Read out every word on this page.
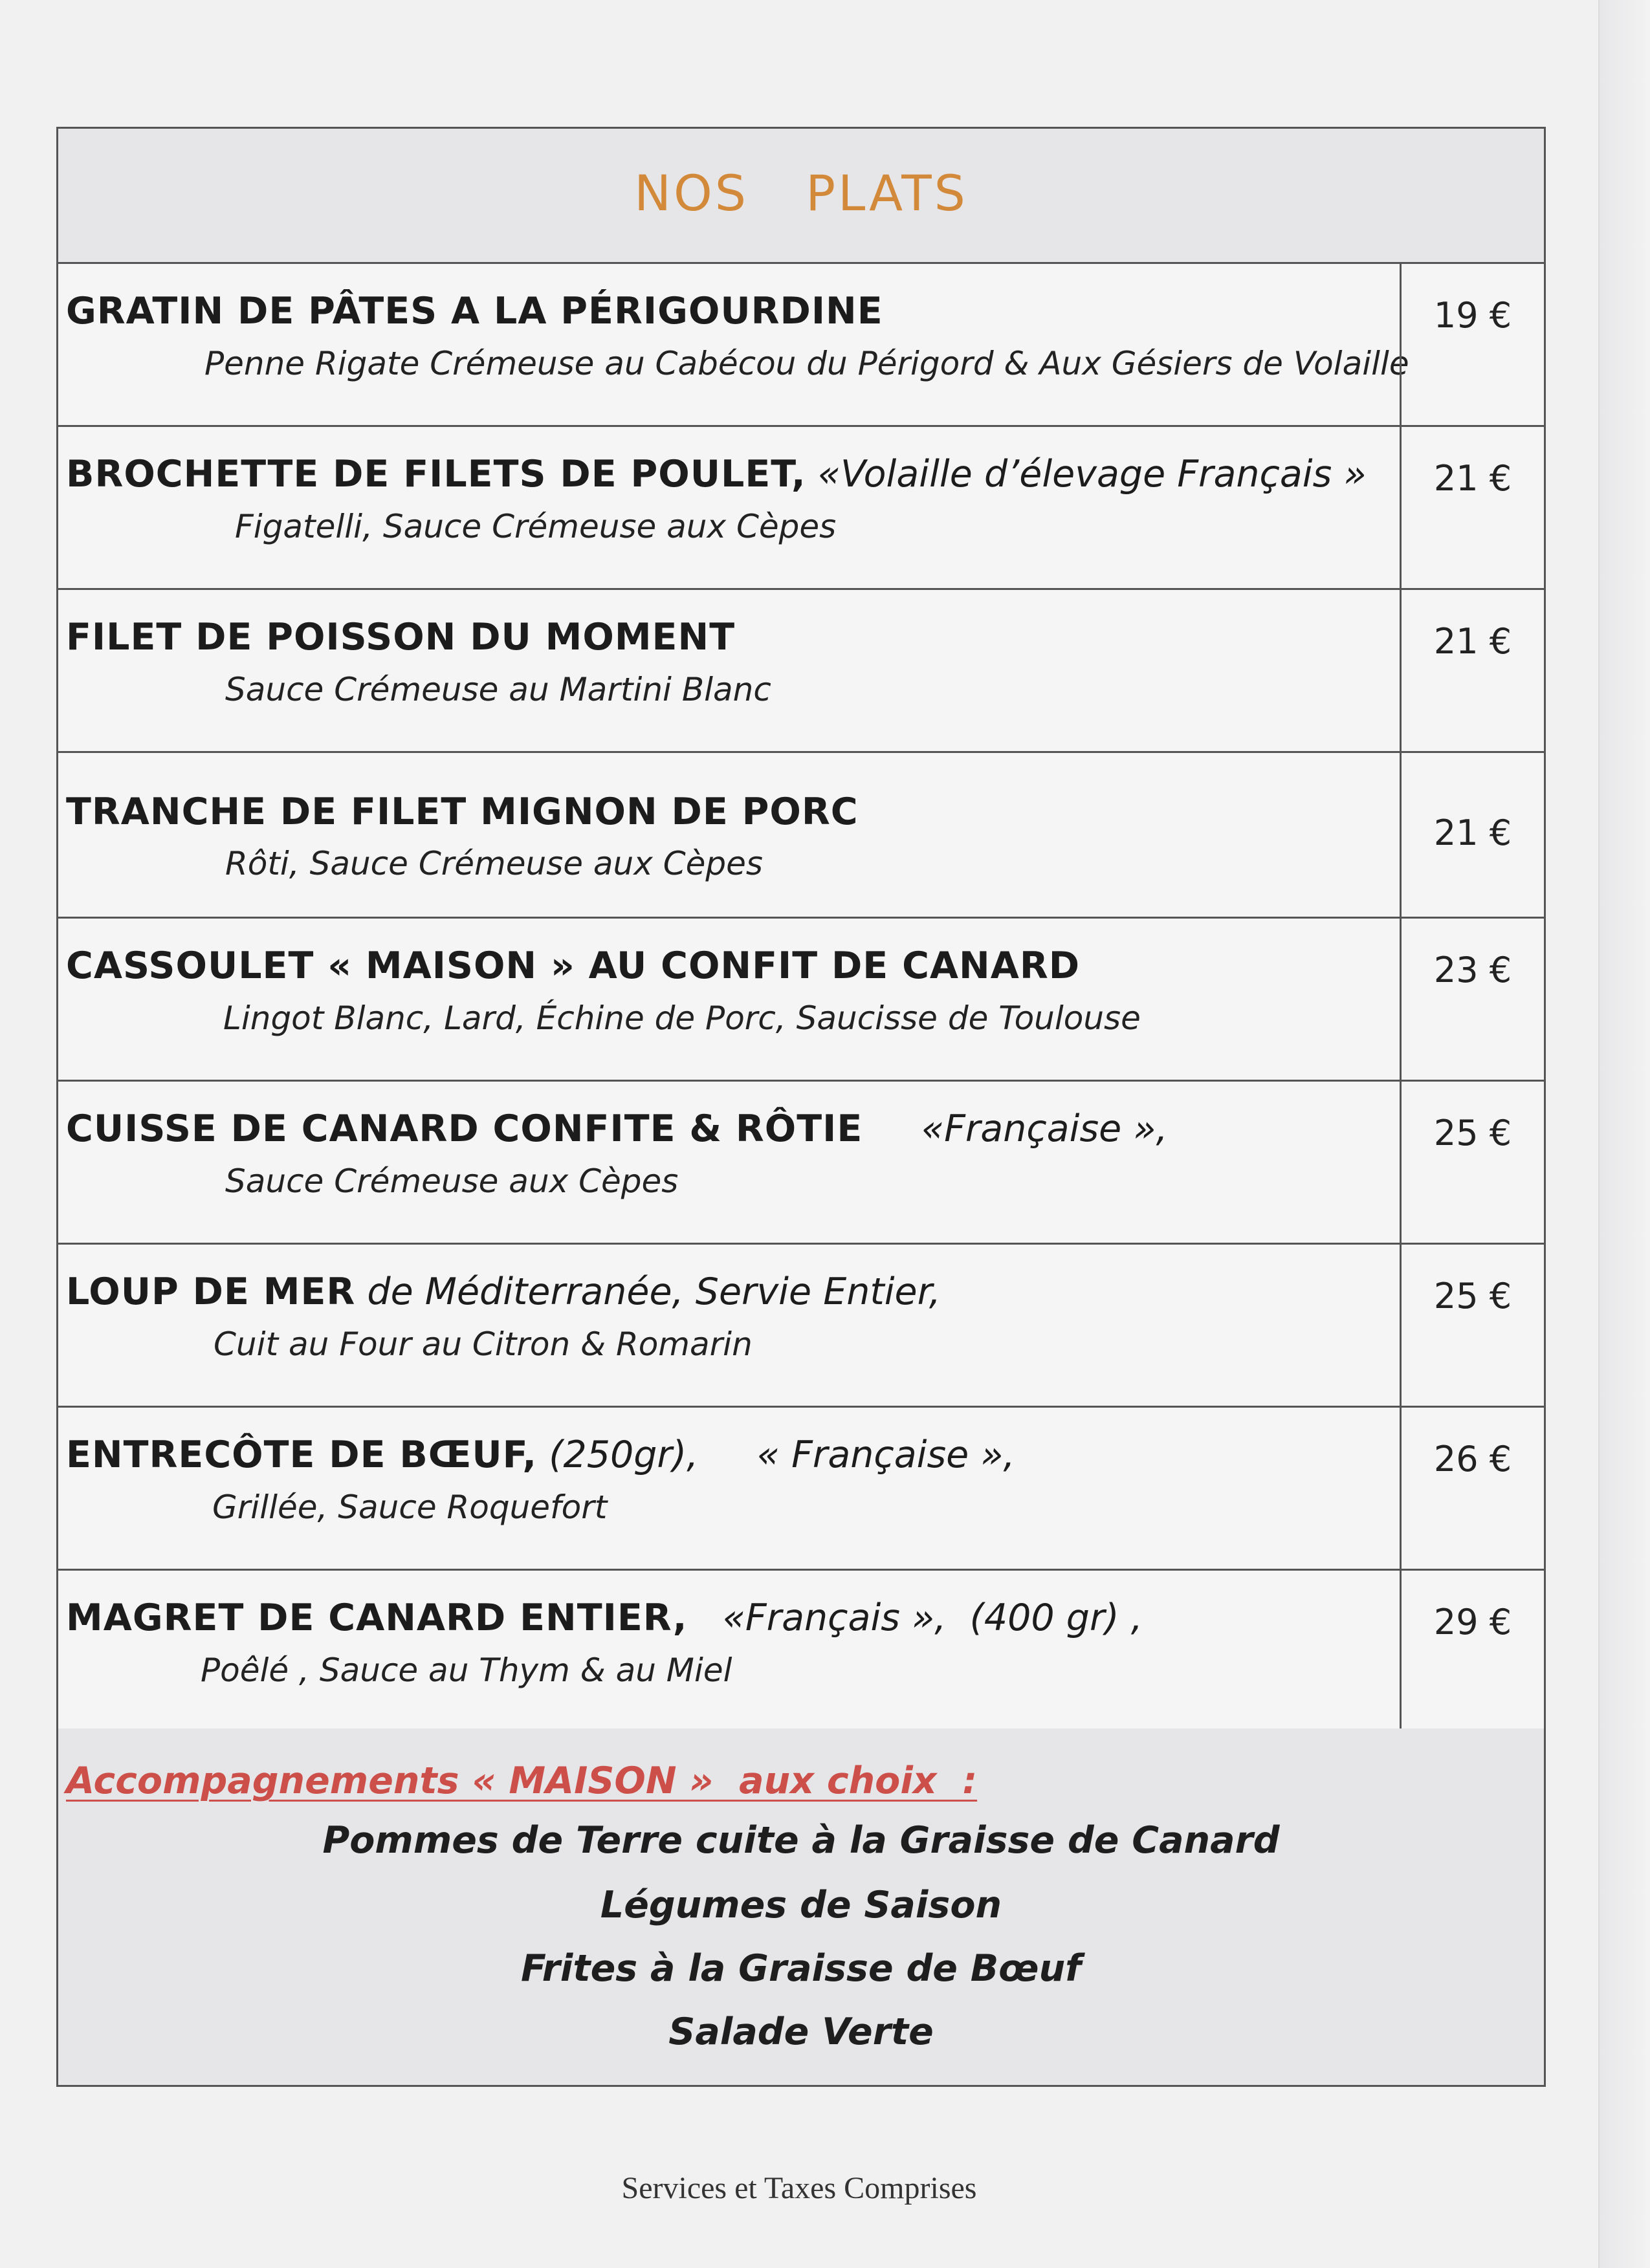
NOS PLATS
GRATIN DE PÂTES A LA PÉRIGOURDINE
Penne Rigate Crémeuse au Cabécou du Périgord & Aux Gésiers de Volaille
19 €
BROCHETTE DE FILETS DE POULET, «Volaille d’élevage Français »
Figatelli, Sauce Crémeuse aux Cèpes
21 €
FILET DE POISSON DU MOMENT
Sauce Crémeuse au Martini Blanc
21 €
TRANCHE DE FILET MIGNON DE PORC
Rôti, Sauce Crémeuse aux Cèpes
21 €
CASSOULET « MAISON » AU CONFIT DE CANARD
Lingot Blanc, Lard, Échine de Porc, Saucisse de Toulouse
23 €
CUISSE DE CANARD CONFITE & RÔTIE     «Française »,
Sauce Crémeuse aux Cèpes
25 €
LOUP DE MER de Méditerranée, Servie Entier,
Cuit au Four au Citron & Romarin
25 €
ENTRECÔTE DE BŒUF, (250gr),     « Française »,
Grillée, Sauce Roquefort
26 €
MAGRET DE CANARD ENTIER,   «Français »,  (400 gr) ,
Poêlé , Sauce au Thym & au Miel
29 €
Accompagnements « MAISON »  aux choix  :
Pommes de Terre cuite à la Graisse de Canard
Légumes de Saison
Frites à la Graisse de Bœuf
Salade Verte
Services et Taxes Comprises
